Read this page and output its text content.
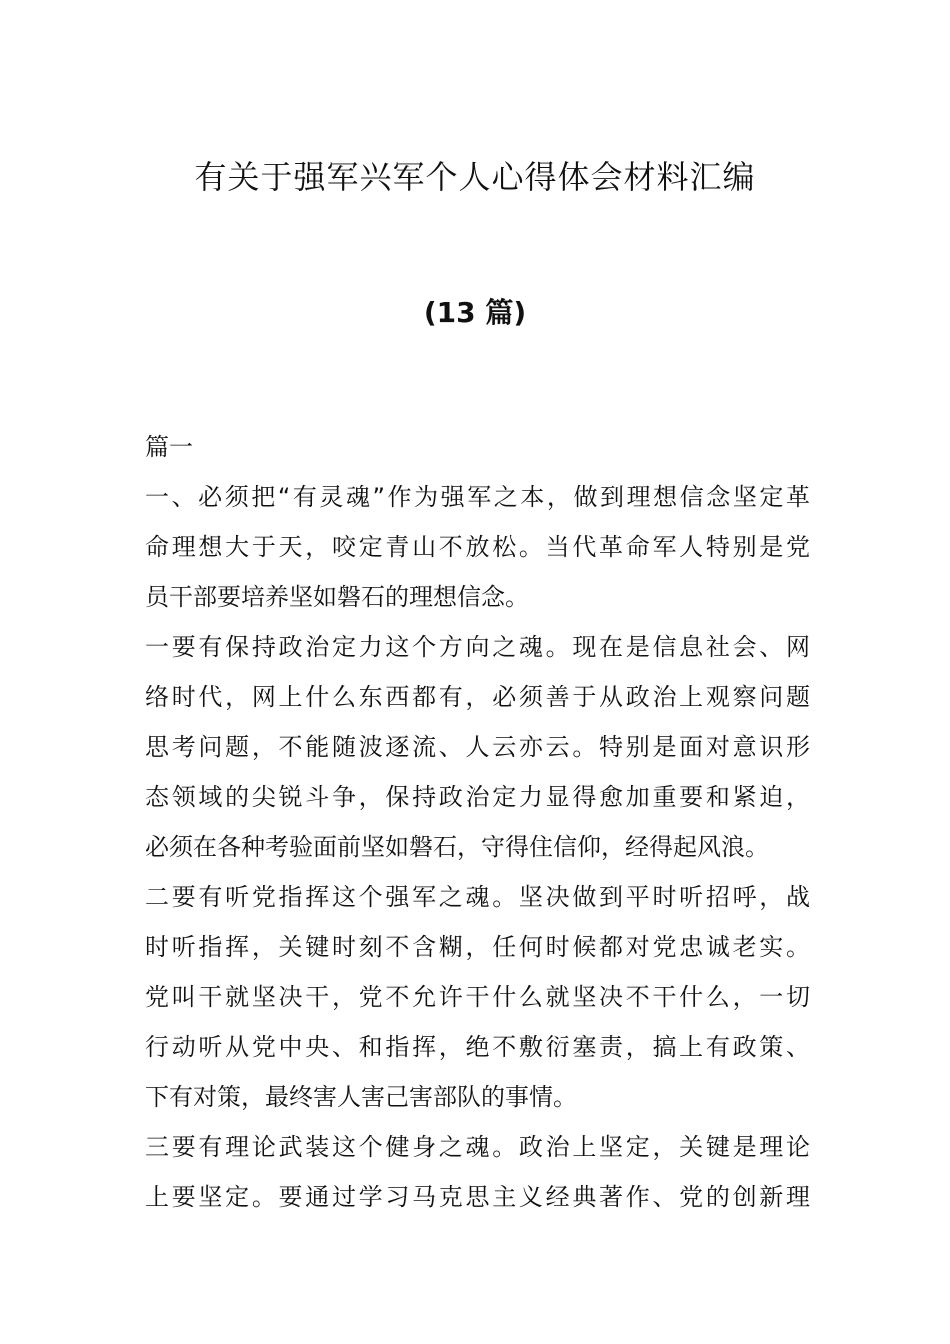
有关于强军兴军个人心得体会材料汇编
(13 篇)
篇一
一、必须把“有灵魂”作为强军之本，做到理想信念坚定革
命理想大于天，咬定青山不放松。当代革命军人特别是党
员干部要培养坚如磐石的理想信念。
一要有保持政治定力这个方向之魂。现在是信息社会、网
络时代，网上什么东西都有，必须善于从政治上观察问题
思考问题，不能随波逐流、人云亦云。特别是面对意识形
态领域的尖锐斗争，保持政治定力显得愈加重要和紧迫，
必须在各种考验面前坚如磐石，守得住信仰，经得起风浪。
二要有听党指挥这个强军之魂。坚决做到平时听招呼，战
时听指挥，关键时刻不含糊，任何时候都对党忠诚老实。
党叫干就坚决干，党不允许干什么就坚决不干什么，一切
行动听从党中央、和指挥，绝不敷衍塞责，搞上有政策、
下有对策，最终害人害己害部队的事情。
三要有理论武装这个健身之魂。政治上坚定，关键是理论
上要坚定。要通过学习马克思主义经典著作、党的创新理
